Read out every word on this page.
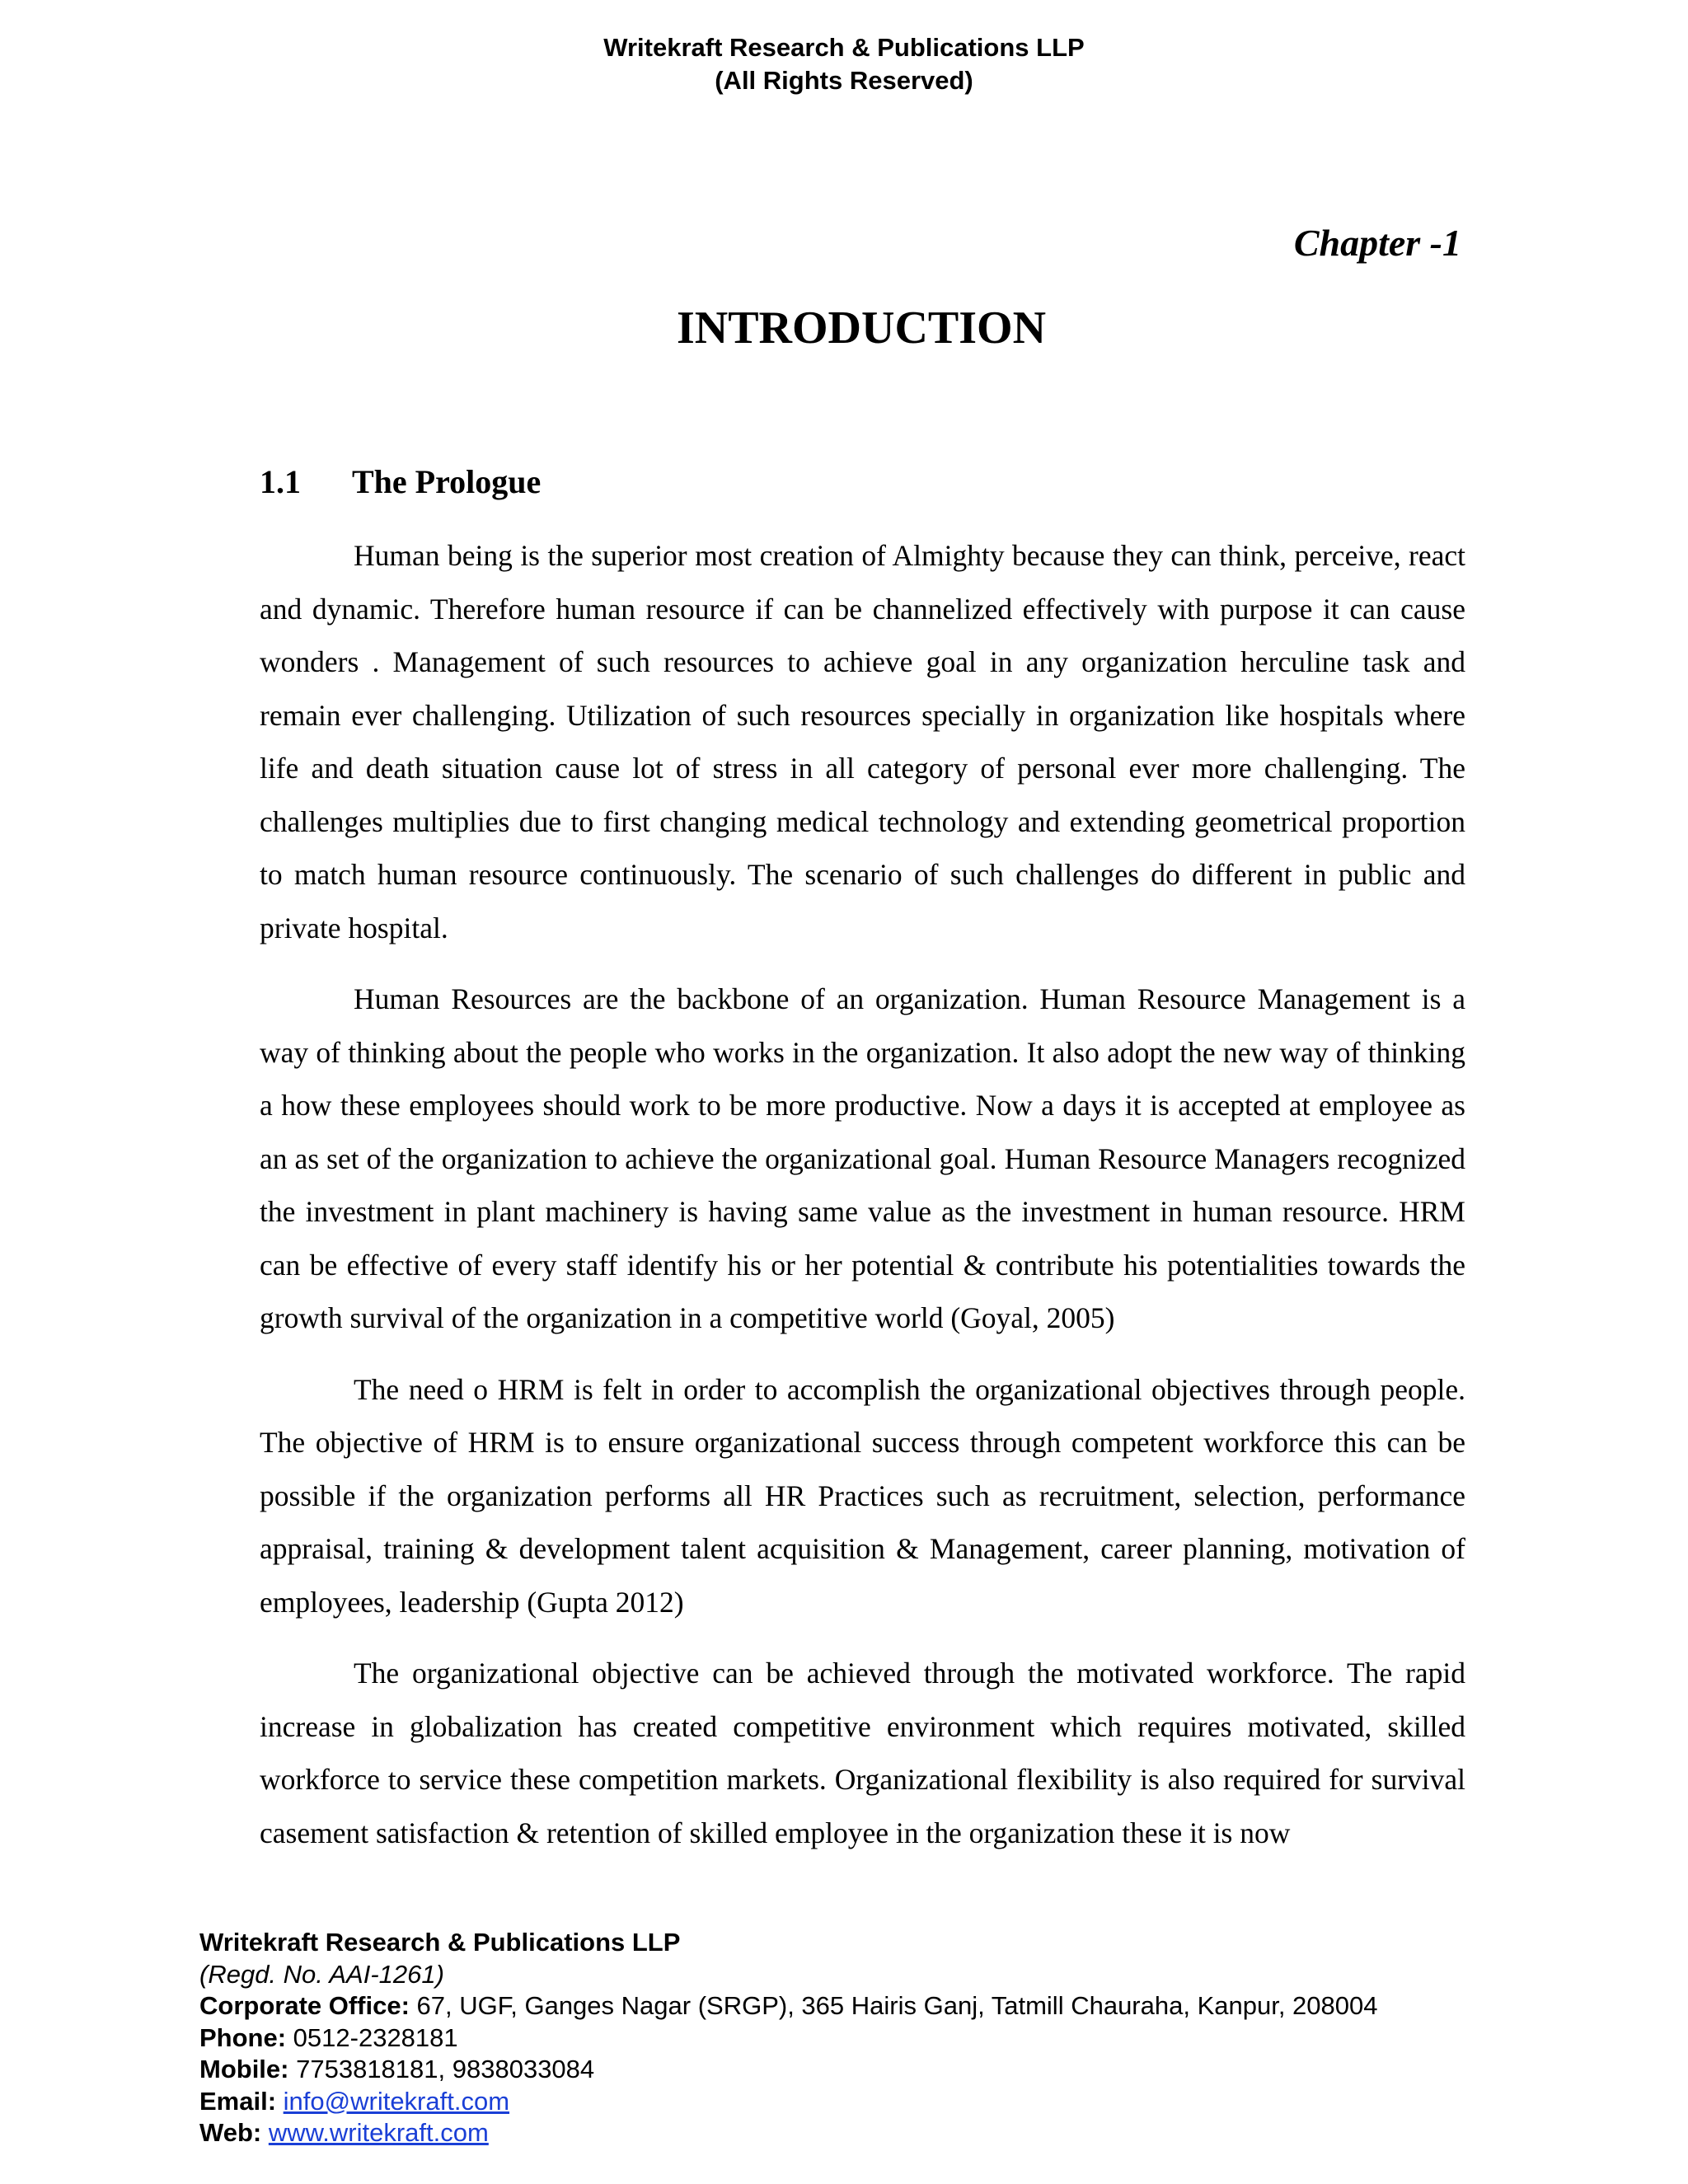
Writekraft Research & Publications LLP
(All Rights Reserved)
Chapter -1
INTRODUCTION
1.1 The Prologue

Human being is the superior most creation of Almighty because they can think, perceive, react and dynamic. Therefore human resource if can be channelized effectively with purpose it can cause wonders . Management of such resources to achieve goal in any organization herculine task and remain ever challenging. Utilization of such resources specially in organization like hospitals where life and death situation cause lot of stress in all category of personal ever more challenging. The challenges multiplies due to first changing medical technology and extending geometrical proportion to match human resource continuously. The scenario of such challenges do different in public and private hospital.

Human Resources are the backbone of an organization. Human Resource Management is a way of thinking about the people who works in the organization. It also adopt the new way of thinking a how these employees should work to be more productive. Now a days it is accepted at employee as an as set of the organization to achieve the organizational goal. Human Resource Managers recognized the investment in plant machinery is having same value as the investment in human resource. HRM can be effective of every staff identify his or her potential & contribute his potentialities towards the growth survival of the organization in a competitive world (Goyal, 2005)

The need o HRM is felt in order to accomplish the organizational objectives through people. The objective of HRM is to ensure organizational success through competent workforce this can be possible if the organization performs all HR Practices such as recruitment, selection, performance appraisal, training & development talent acquisition & Management, career planning, motivation of employees, leadership (Gupta 2012)

The organizational objective can be achieved through the motivated workforce. The rapid increase in globalization has created competitive environment which requires motivated, skilled workforce to service these competition markets. Organizational flexibility is also required for survival casement satisfaction & retention of skilled employee in the organization these it is now

Writekraft Research & Publications LLP
(Regd. No. AAI-1261)
Corporate Office: 67, UGF, Ganges Nagar (SRGP), 365 Hairis Ganj, Tatmill Chauraha, Kanpur, 208004
Phone: 0512-2328181
Mobile: 7753818181, 9838033084
Email: info@writekraft.com
Web: www.writekraft.com
